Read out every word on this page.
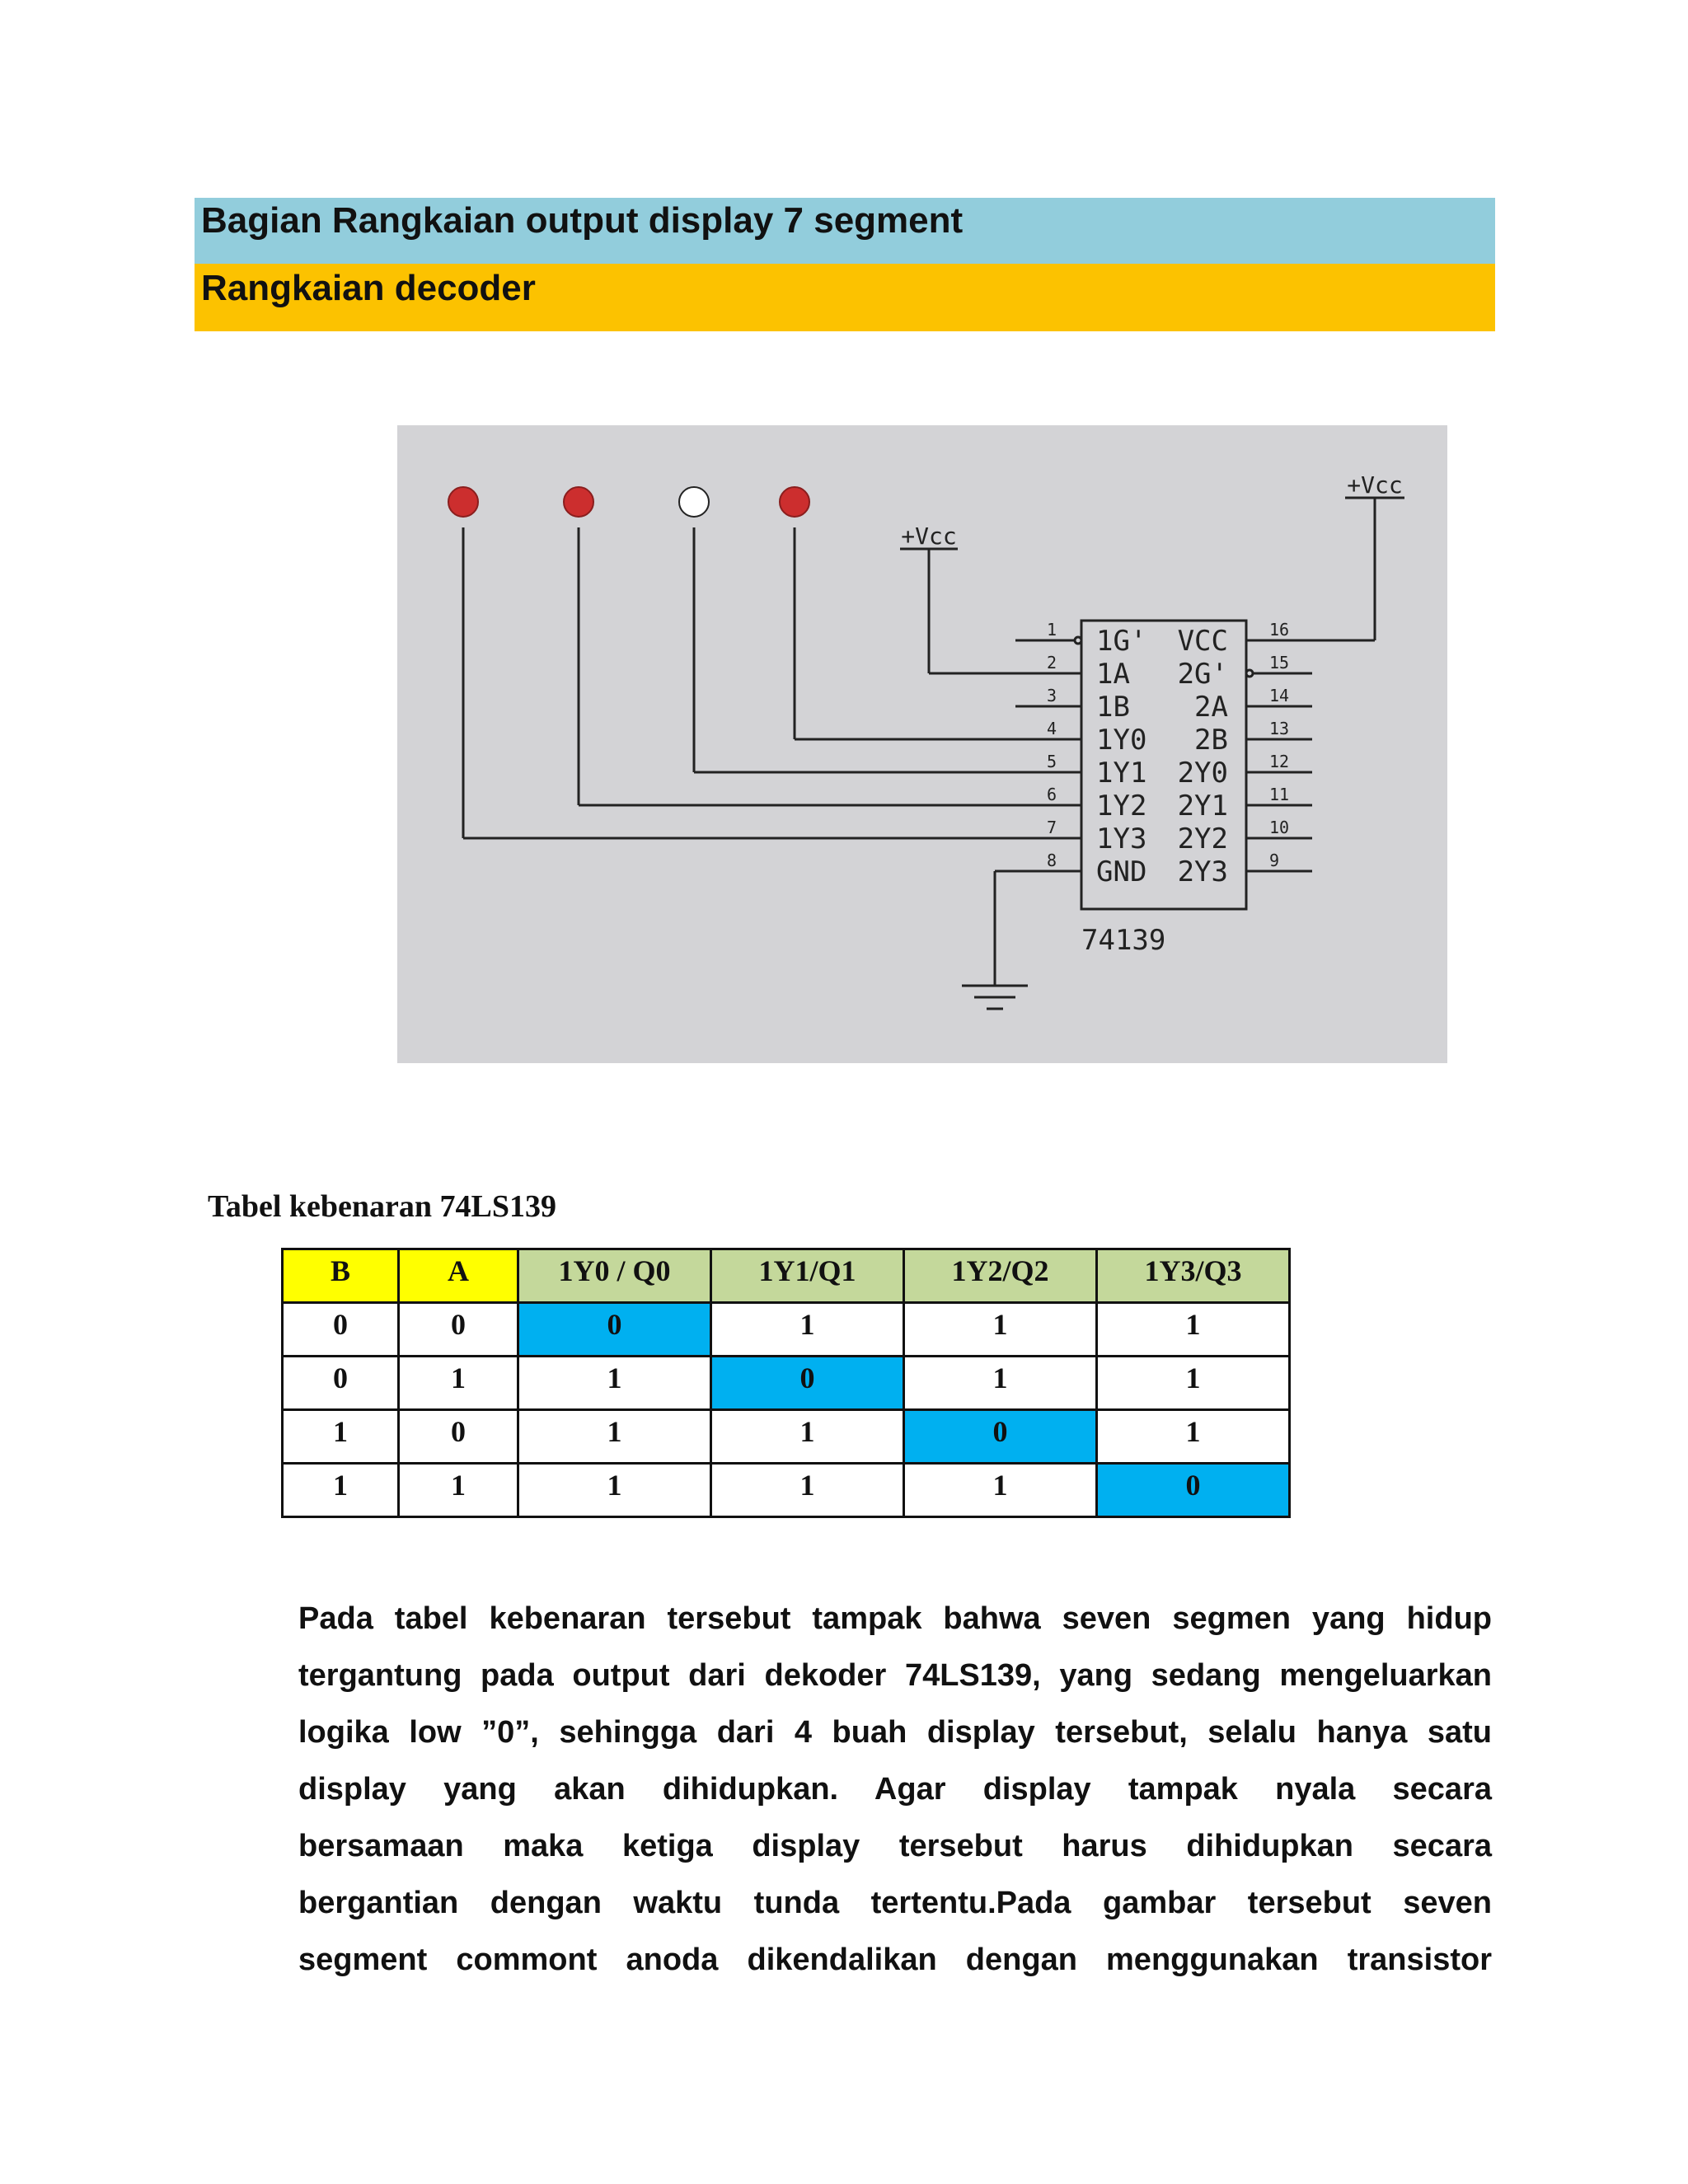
Bagian Rangkaian output display 7 segment
Rangkaian decoder
74139
1 1G'
2 1A
3 1B
4 1Y0
5 1Y1
6 1Y2
7 1Y3
8 GND
16
VCC
15
2G'
14
2A
13
2B
12
2Y0
11
2Y1
10
2Y2
9
2Y3
+Vcc
+Vcc
Tabel kebenaran 74LS139
B	A	1Y0 / Q0	1Y1/Q1	1Y2/Q2	1Y3/Q3
0	0	0	1	1	1
0	1	1	0	1	1
1	0	1	1	0	1
1	1	1	1	1	0

Pada tabel kebenaran tersebut tampak bahwa seven segmen yang hidup

tergantung pada output dari dekoder 74LS139, yang sedang mengeluarkan

logika low ”0”, sehingga dari 4 buah display tersebut, selalu hanya satu

display yang akan dihidupkan. Agar display tampak nyala secara

bersamaan maka ketiga display tersebut harus dihidupkan secara

bergantian dengan waktu tunda tertentu.Pada gambar tersebut seven

segment commont anoda dikendalikan dengan menggunakan transistor
